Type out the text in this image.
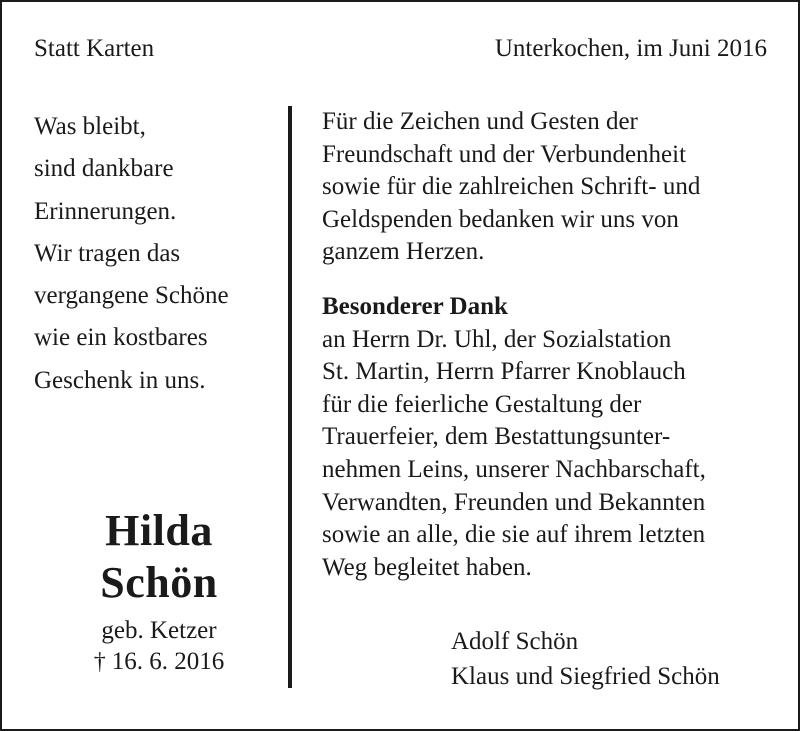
Statt Karten	Unterkochen, im Juni 2016
Was bleibt,
sind dankbare
Erinnerungen.
Wir tragen das
vergangene Schöne
wie ein kostbares
Geschenk in uns.
Hilda
Schön
geb. Ketzer
† 16. 6. 2016
Für die Zeichen und Gesten der
Freundschaft und der Verbundenheit
sowie für die zahlreichen Schrift- und
Geldspenden bedanken wir uns von
ganzem Herzen.
Besonderer Dank
an Herrn Dr. Uhl, der Sozialstation
St. Martin, Herrn Pfarrer Knoblauch
für die feierliche Gestaltung der
Trauerfeier, dem Bestattungsunter-
nehmen Leins, unserer Nachbarschaft,
Verwandten, Freunden und Bekannten
sowie an alle, die sie auf ihrem letzten
Weg begleitet haben.
Adolf Schön
Klaus und Siegfried Schön
